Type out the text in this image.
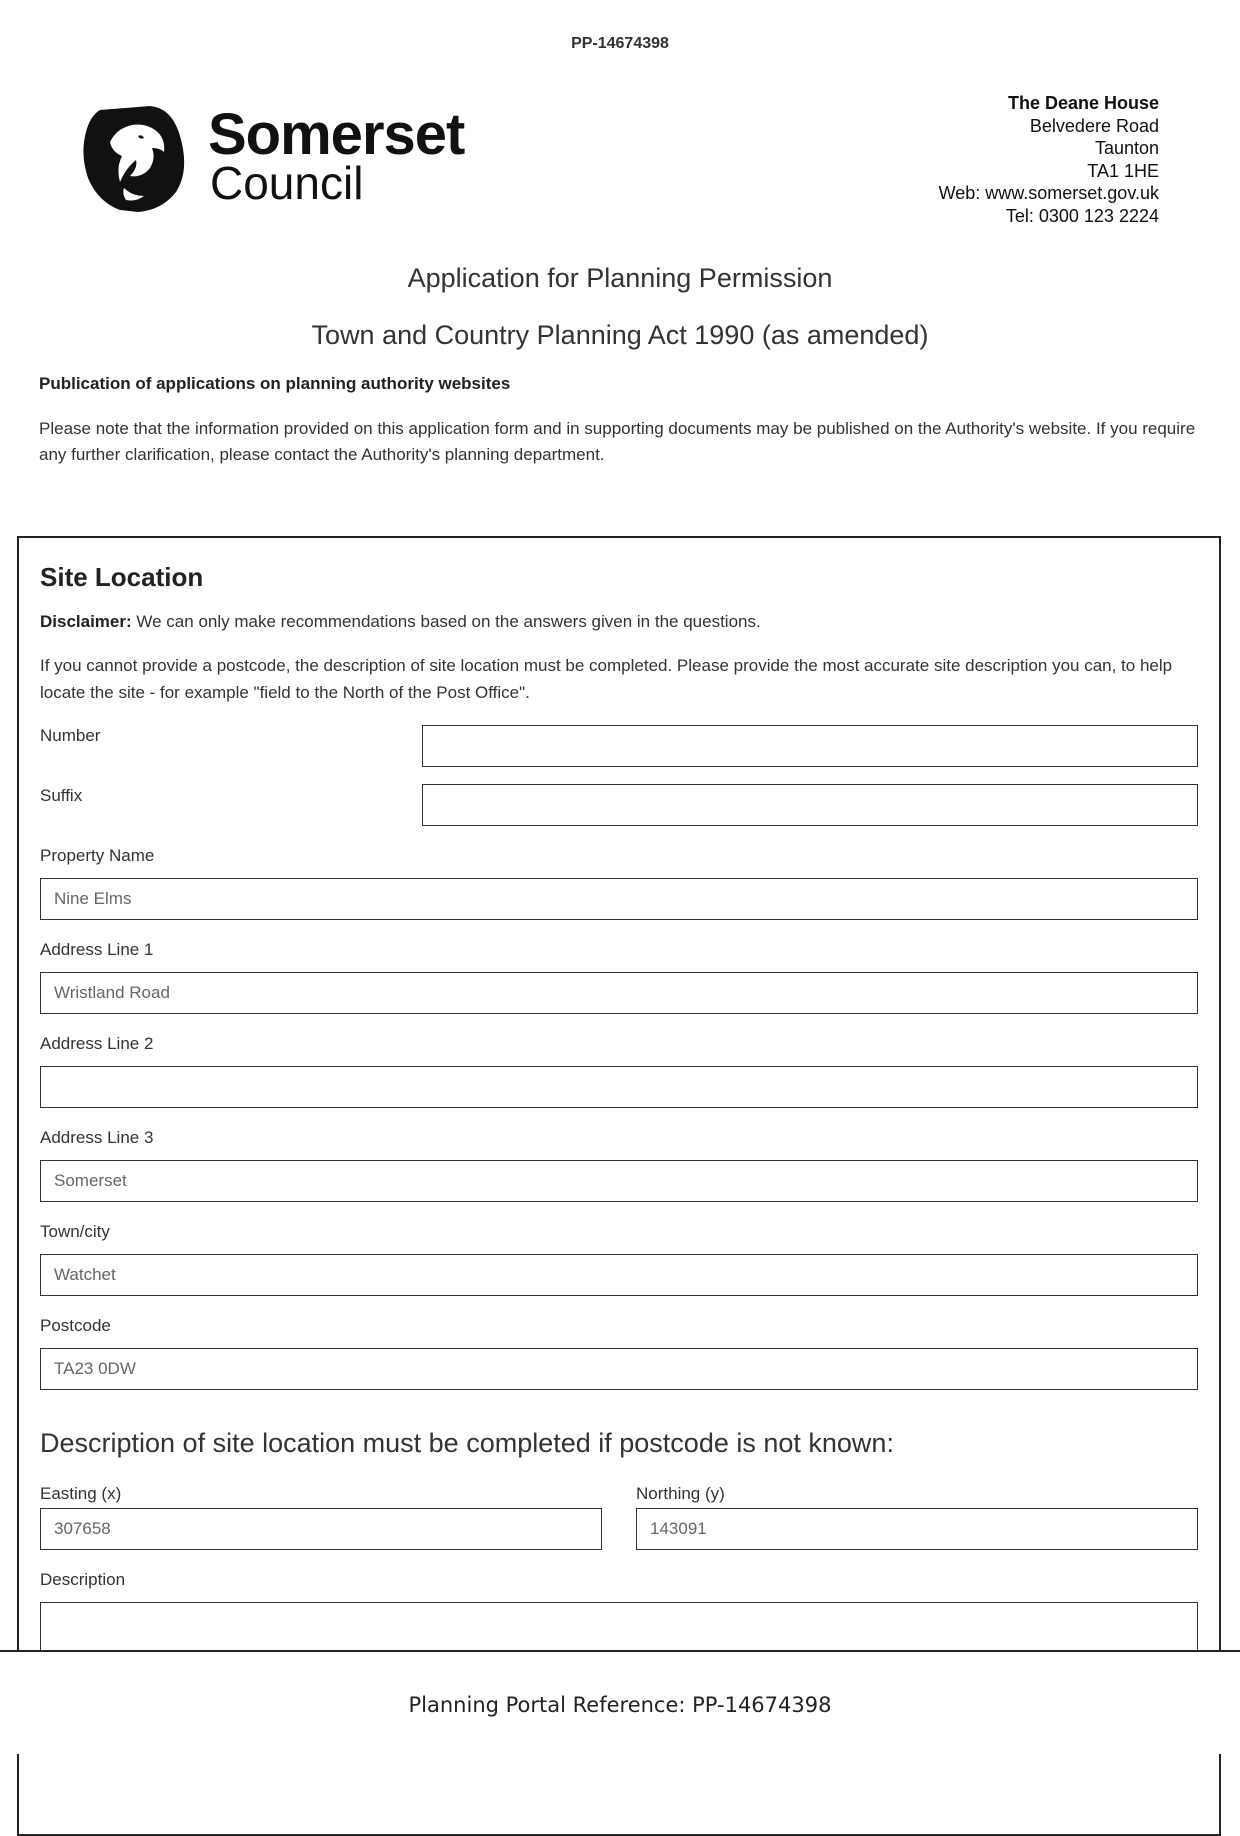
PP-14674398
Somerset
Council
The Deane House
Belvedere Road
Taunton
TA1 1HE
Web: www.somerset.gov.uk
Tel: 0300 123 2224
Application for Planning Permission
Town and Country Planning Act 1990 (as amended)
Publication of applications on planning authority websites
Please note that the information provided on this application form and in supporting documents may be published on the Authority's website. If you require any further clarification, please contact the Authority's planning department.
Site Location
Disclaimer: We can only make recommendations based on the answers given in the questions.
If you cannot provide a postcode, the description of site location must be completed. Please provide the most accurate site description you can, to help locate the site - for example "field to the North of the Post Office".
Number
Suffix
Property Name
Nine Elms
Address Line 1
Wristland Road
Address Line 2
Address Line 3
Somerset
Town/city
Watchet
Postcode
TA23 0DW
Description of site location must be completed if postcode is not known:
Easting (x)
307658
Northing (y)
143091
Description
Planning Portal Reference: PP-14674398
